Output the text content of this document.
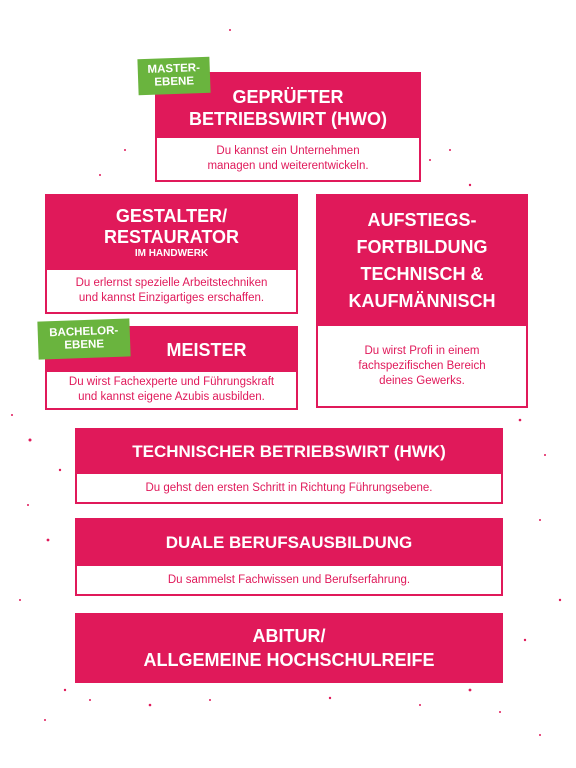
GEPRÜFTER
BETRIEBSWIRT (HWO)
Du kannst ein Unternehmen
managen und weiterentwickeln.
MASTER-
EBENE
GESTALTER/
RESTAURATOR
IM HANDWERK
Du erlernst spezielle Arbeitstechniken
und kannst Einzigartiges erschaffen.
AUFSTIEGS-
FORTBILDUNG
TECHNISCH &
KAUFMÄNNISCH
Du wirst Profi in einem
fachspezifischen Bereich
deines Gewerks.
MEISTER
Du wirst Fachexperte und Führungskraft
und kannst eigene Azubis ausbilden.
BACHELOR-
EBENE
TECHNISCHER BETRIEBSWIRT (HWK)
Du gehst den ersten Schritt in Richtung Führungsebene.
DUALE BERUFSAUSBILDUNG
Du sammelst Fachwissen und Berufserfahrung.
ABITUR/
ALLGEMEINE HOCHSCHULREIFE
